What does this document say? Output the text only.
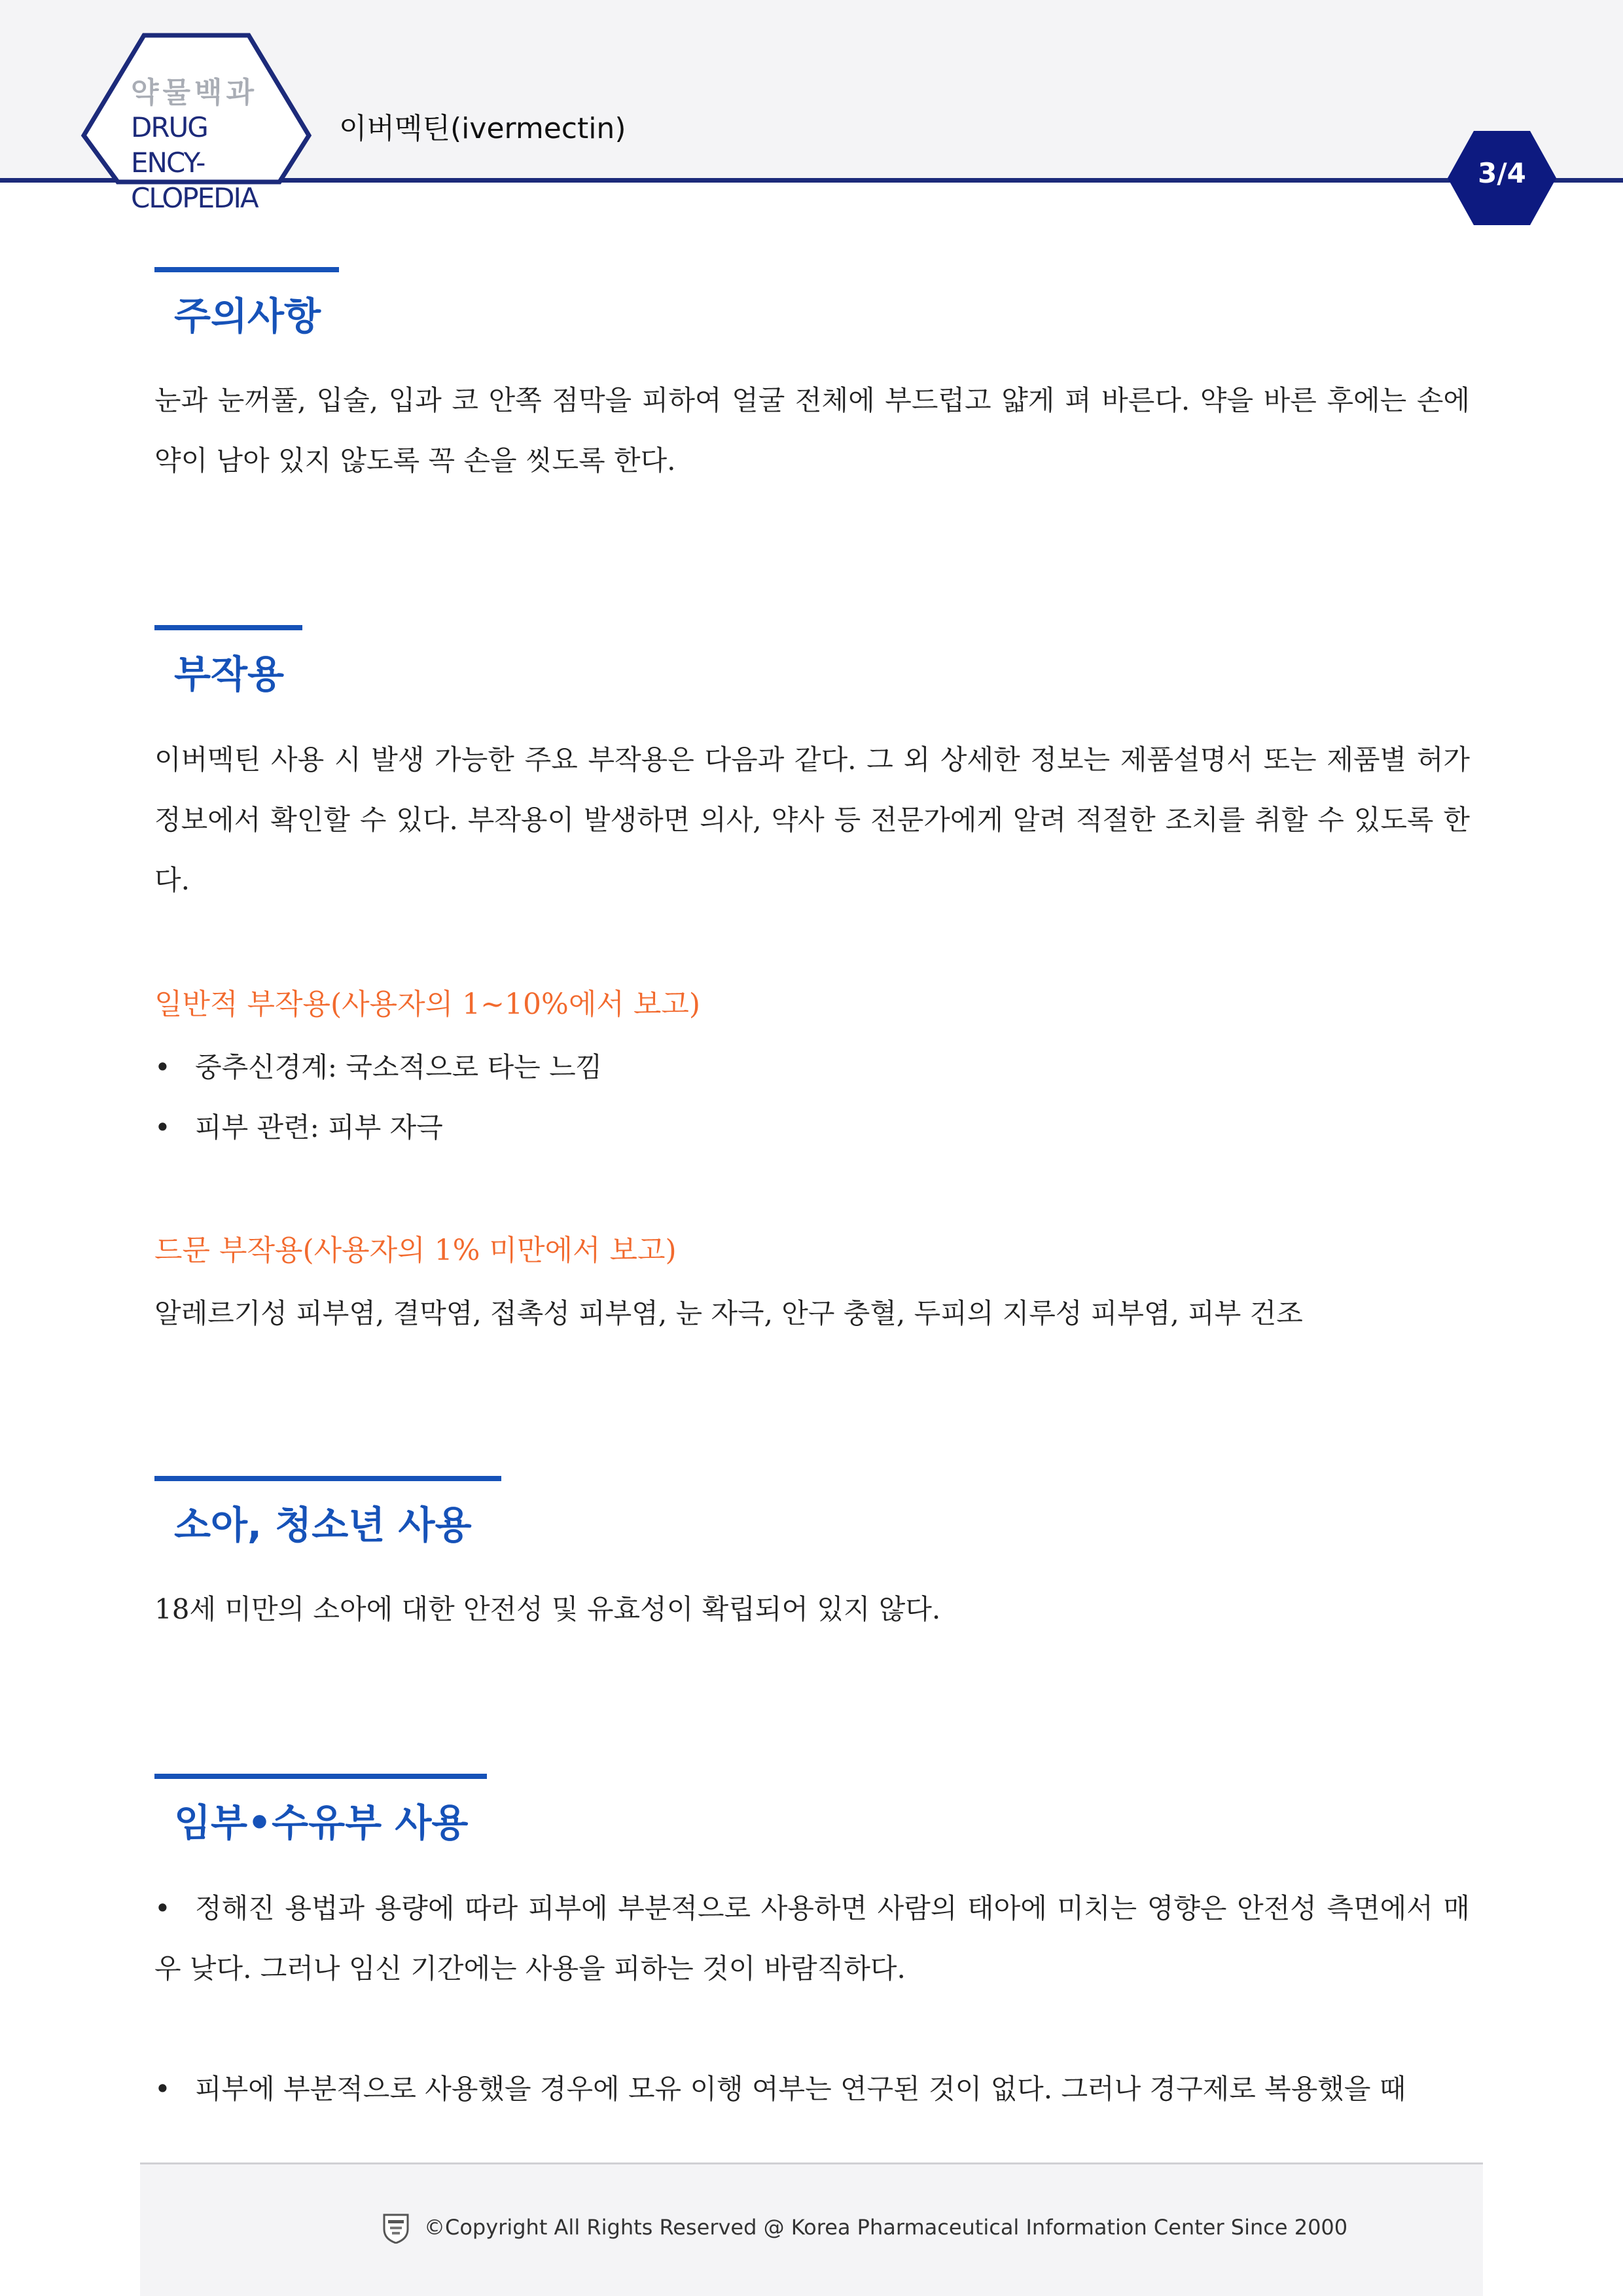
약물백과
DRUG ENCY-
CLOPEDIA
이버멕틴(ivermectin)
3/4
주의사항
눈과 눈꺼풀, 입술, 입과 코 안쪽 점막을 피하여 얼굴 전체에 부드럽고 얇게 펴 바른다. 약을 바른 후에는 손에 약이 남아 있지 않도록 꼭 손을 씻도록 한다.
부작용
이버멕틴 사용 시 발생 가능한 주요 부작용은 다음과 같다. 그 외 상세한 정보는 제품설명서 또는 제품별 허가정보에서 확인할 수 있다. 부작용이 발생하면 의사, 약사 등 전문가에게 알려 적절한 조치를 취할 수 있도록 한다.
일반적 부작용(사용자의 1~10%에서 보고)
• 중추신경계: 국소적으로 타는 느낌
• 피부 관련: 피부 자극
드문 부작용(사용자의 1% 미만에서 보고)
알레르기성 피부염, 결막염, 접촉성 피부염, 눈 자극, 안구 충혈, 두피의 지루성 피부염, 피부 건조
소아, 청소년 사용
18세 미만의 소아에 대한 안전성 및 유효성이 확립되어 있지 않다.
임부•수유부 사용
• 정해진 용법과 용량에 따라 피부에 부분적으로 사용하면 사람의 태아에 미치는 영향은 안전성 측면에서 매우 낮다. 그러나 임신 기간에는 사용을 피하는 것이 바람직하다.
• 피부에 부분적으로 사용했을 경우에 모유 이행 여부는 연구된 것이 없다. 그러나 경구제로 복용했을 때
©Copyright All Rights Reserved @ Korea Pharmaceutical Information Center Since 2000
